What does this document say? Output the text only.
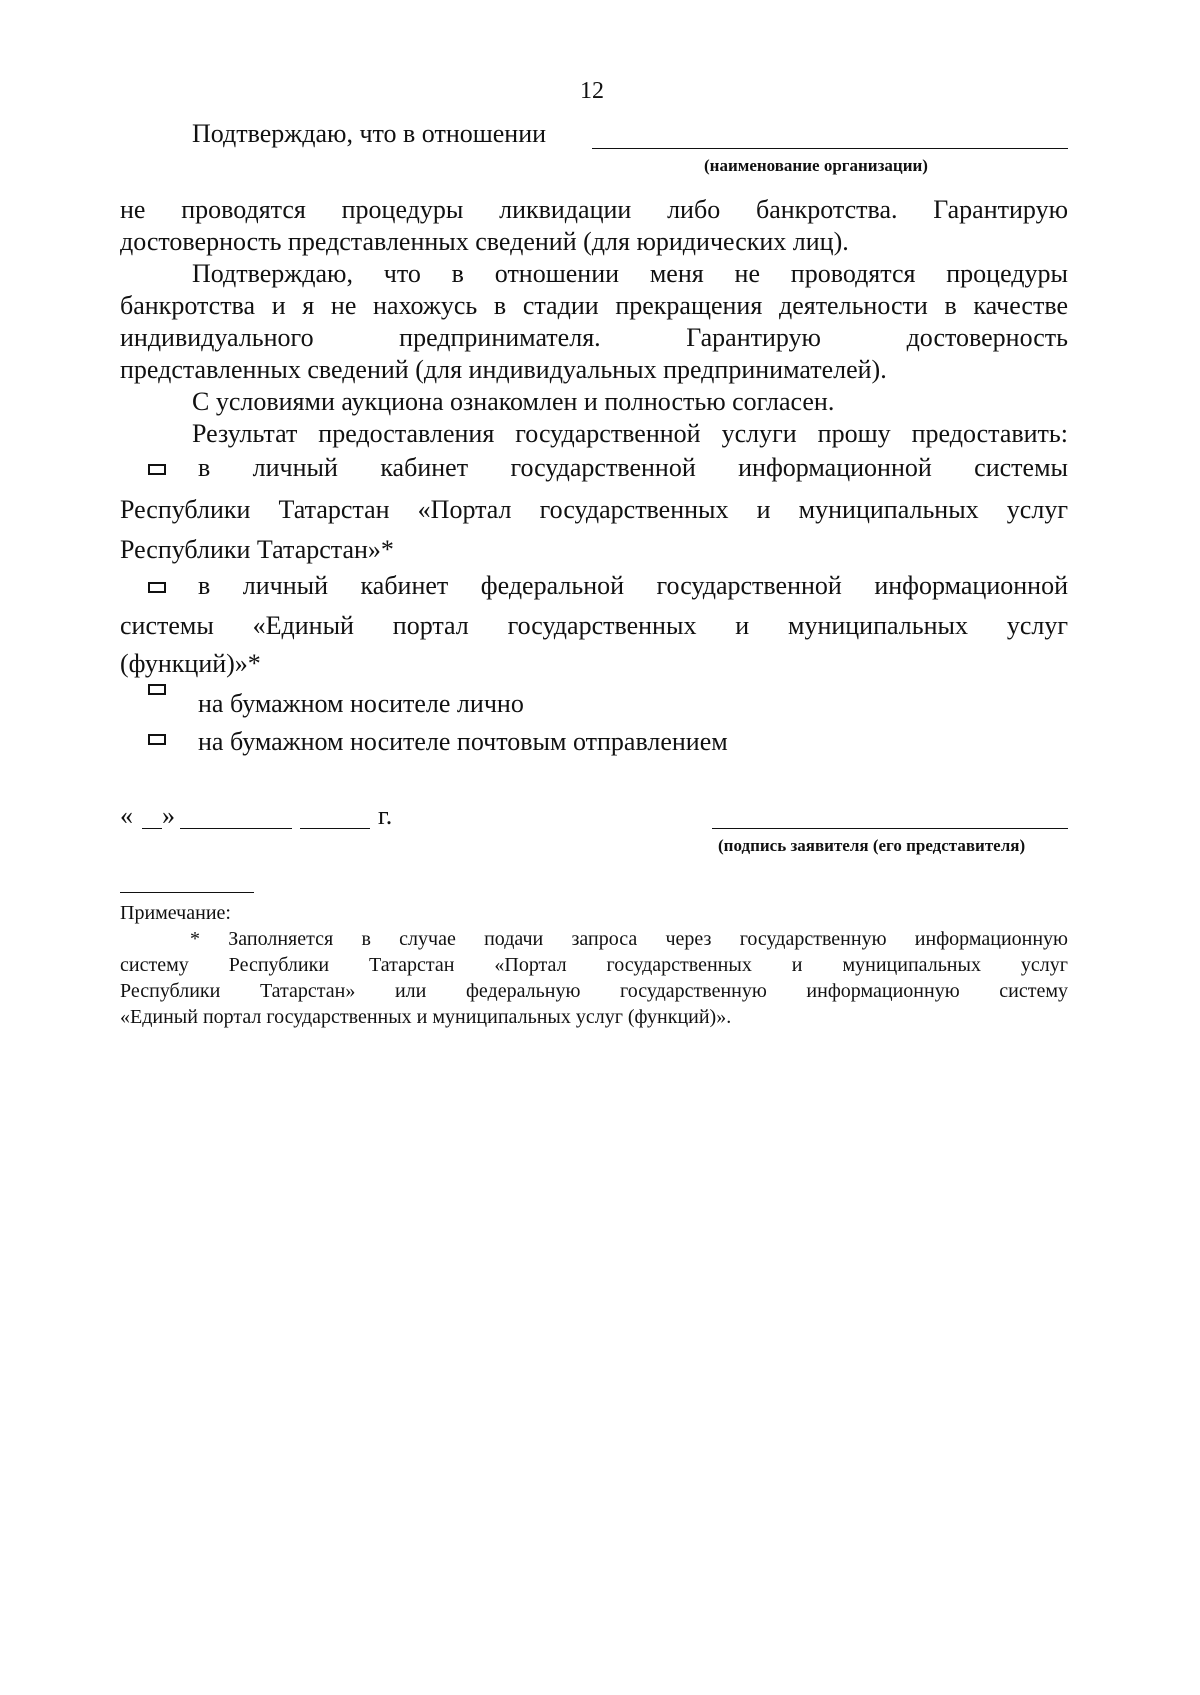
12
Подтверждаю, что в отношении
(наименование организации)
не проводятся процедуры ликвидации либо банкротства. Гарантирую
достоверность представленных сведений (для юридических лиц).
Подтверждаю, что в отношении меня не проводятся процедуры
банкротства и я не нахожусь в стадии прекращения деятельности в качестве
индивидуального предпринимателя. Гарантирую достоверность
представленных сведений (для индивидуальных предпринимателей).
С условиями аукциона ознакомлен и полностью согласен.
Результат предоставления государственной услуги прошу предоставить:
в личный кабинет государственной информационной системы
Республики Татарстан «Портал государственных и муниципальных услуг
Республики Татарстан»*
в личный кабинет федеральной государственной информационной
системы «Единый портал государственных и муниципальных услуг
(функций)»*
на бумажном носителе лично
на бумажном носителе почтовым отправлением
« »	г.
(подпись заявителя (его представителя)
Примечание:
* Заполняется в случае подачи запроса через государственную информационную
систему Республики Татарстан «Портал государственных и муниципальных услуг
Республики Татарстан» или федеральную государственную информационную систему
«Единый портал государственных и муниципальных услуг (функций)».
